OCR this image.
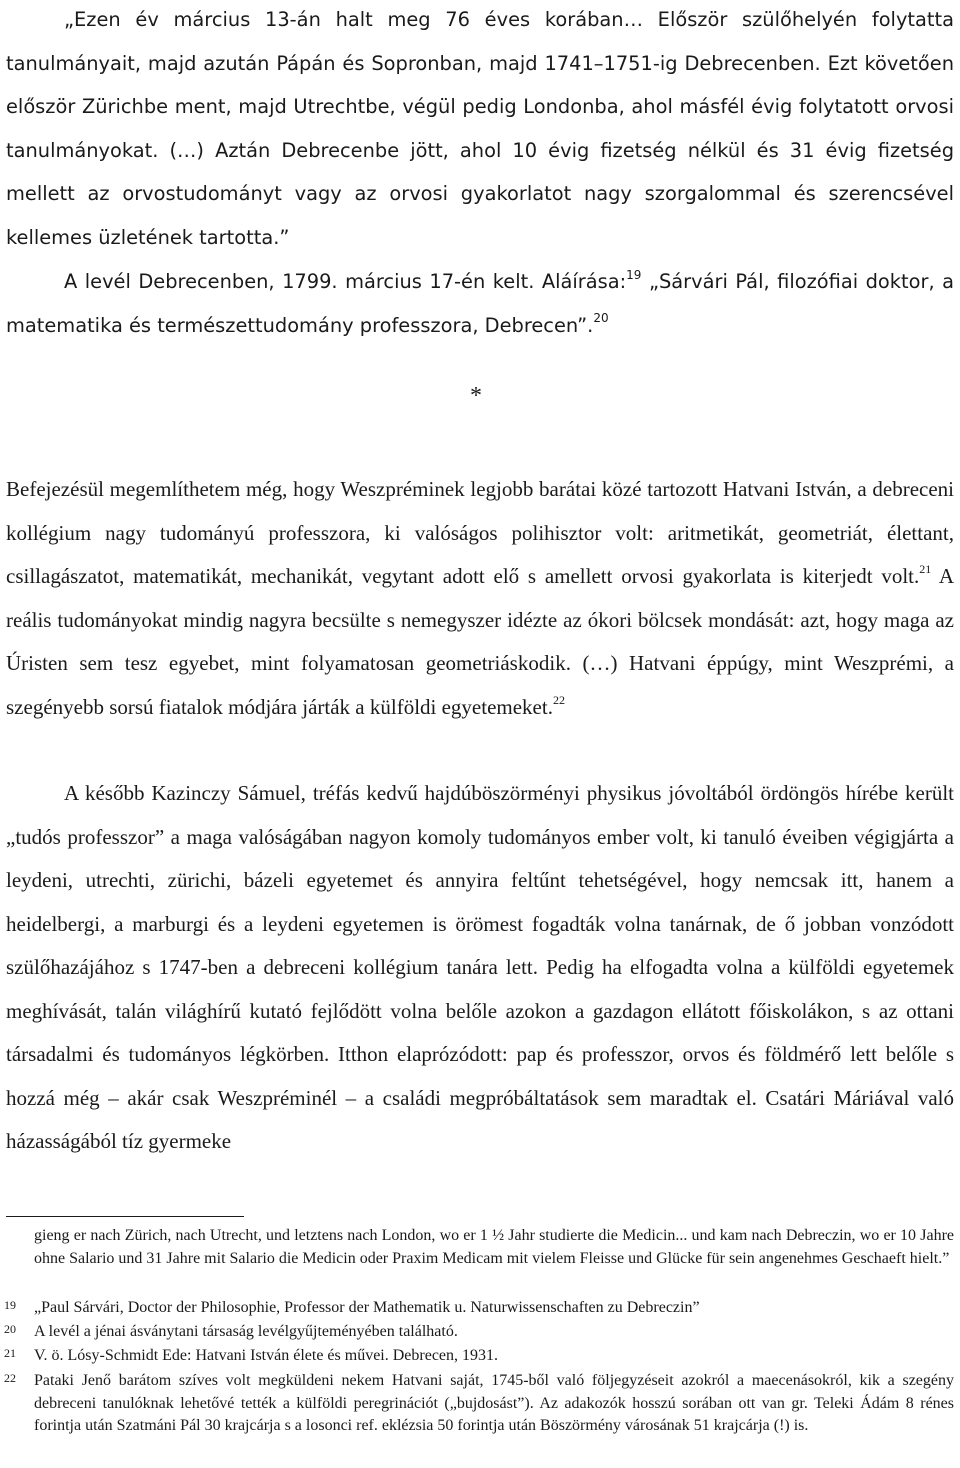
„Ezen év március 13-án halt meg 76 éves korában… Először szülőhelyén folytatta tanulmányait, majd azután Pápán és Sopronban, majd 1741–1751-ig Debrecenben. Ezt követően először Zürichbe ment, majd Utrechtbe, végül pedig Londonba, ahol másfél évig folytatott orvosi tanulmányokat. (…) Aztán Debrecenbe jött, ahol 10 évig fizetség nélkül és 31 évig fizetség mellett az orvostudományt vagy az orvosi gyakorlatot nagy szorgalommal és szerencsével kellemes üzletének tartotta.”

A levél Debrecenben, 1799. március 17-én kelt. Aláírása:$^{19}$ „Sárvári Pál, filozófiai doktor, a matematika és természettudomány professzora, Debrecen”.$^{20}$

*

Befejezésül megemlíthetem még, hogy Weszpréminek legjobb barátai közé tartozott Hatvani István, a debreceni kollégium nagy tudományú professzora, ki valóságos polihisztor volt: aritmetikát, geometriát, élettant, csillagászatot, matematikát, mechanikát, vegytant adott elő s amellett orvosi gyakorlata is kiterjedt volt.$^{21}$ A reális tudományokat mindig nagyra becsülte s nemegyszer idézte az ókori bölcsek mondását: azt, hogy maga az Úristen sem tesz egyebet, mint folyamatosan geometriáskodik. (…) Hatvani éppúgy, mint Weszprémi, a szegényebb sorsú fiatalok módjára járták a külföldi egyetemeket.$^{22}$

A később Kazinczy Sámuel, tréfás kedvű hajdúböszörményi physikus jóvoltából ördöngös hírébe került „tudós professzor” a maga valóságában nagyon komoly tudományos ember volt, ki tanuló éveiben végigjárta a leydeni, utrechti, zürichi, bázeli egyetemet és annyira feltűnt tehetségével, hogy nemcsak itt, hanem a heidelbergi, a marburgi és a leydeni egyetemen is örömest fogadták volna tanárnak, de ő jobban vonzódott szülőhazájához s 1747-ben a debreceni kollégium tanára lett. Pedig ha elfogadta volna a külföldi egyetemek meghívását, talán világhírű kutató fejlődött volna belőle azokon a gazdagon ellátott főiskolákon, s az ottani társadalmi és tudományos légkörben. Itthon elaprózódott: pap és professzor, orvos és földmérő lett belőle s hozzá még – akár csak Weszpréminél – a családi megpróbáltatások sem maradtak el. Csatári Máriával való házasságából tíz gyermeke

gieng er nach Zürich, nach Utrecht, und letztens nach London, wo er 1 ½ Jahr studierte die Medicin... und kam nach Debreczin, wo er 10 Jahre ohne Salario und 31 Jahre mit Salario die Medicin oder Praxim Medicam mit vielem Fleisse und Glücke für sein angenehmes Geschaeft hielt.”

19 „Paul Sárvári, Doctor der Philosophie, Professor der Mathematik u. Naturwissenschaften zu Debreczin”

20 A levél a jénai ásványtani társaság levélgyűjteményében található.

21 V. ö. Lósy-Schmidt Ede: Hatvani István élete és művei. Debrecen, 1931.

22 Pataki Jenő barátom szíves volt megküldeni nekem Hatvani saját, 1745-ből való följegyzéseit azokról a maecenásokról, kik a szegény debreceni tanulóknak lehetővé tették a külföldi peregrinációt („bujdosást”). Az adakozók hosszú sorában ott van gr. Teleki Ádám 8 rénes forintja után Szatmáni Pál 30 krajcárja s a losonci ref. eklézsia 50 forintja után Böszörmény városának 51 krajcárja (!) is.
